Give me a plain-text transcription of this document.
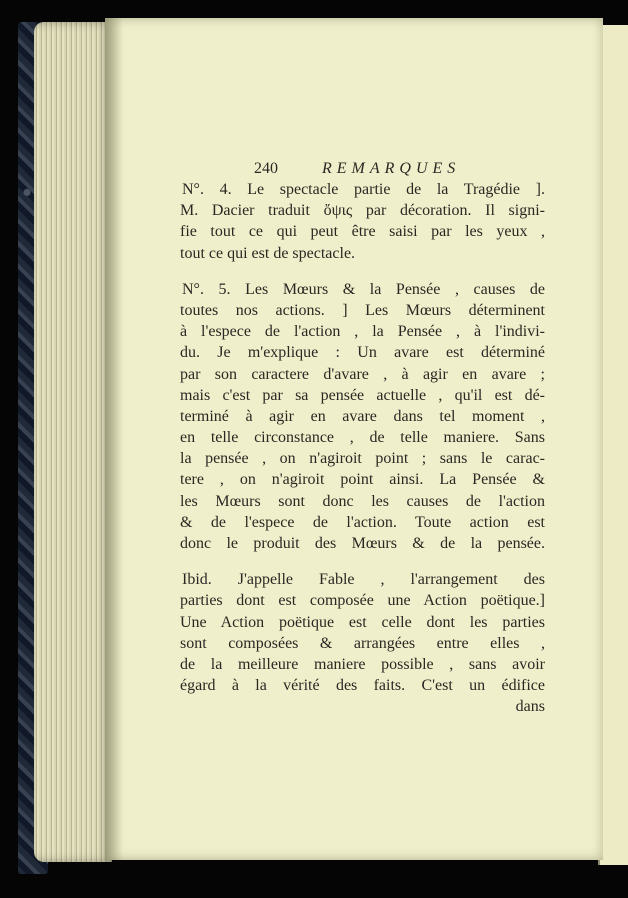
240	REMARQUES

N°. 4. Le spectacle partie de la Tragédie ].

M. Dacier traduit ὄψις par décoration. Il signi-

fie tout ce qui peut être saisi par les yeux ,

tout ce qui est de spectacle.

N°. 5. Les Mœurs & la Pensée , causes de

toutes nos actions. ] Les Mœurs déterminent

à l'espece de l'action , la Pensée , à l'indivi-

du. Je m'explique : Un avare est déterminé

par son caractere d'avare , à agir en avare ;

mais c'est par sa pensée actuelle , qu'il est dé-

terminé à agir en avare dans tel moment ,

en telle circonstance , de telle maniere. Sans

la pensée , on n'agiroit point ; sans le carac-

tere , on n'agiroit point ainsi. La Pensée &

les Mœurs sont donc les causes de l'action

& de l'espece de l'action. Toute action est

donc le produit des Mœurs & de la pensée.

Ibid. J'appelle Fable , l'arrangement des

parties dont est composée une Action poëtique.]

Une Action poëtique est celle dont les parties

sont composées & arrangées entre elles ,

de la meilleure maniere possible , sans avoir

égard à la vérité des faits. C'est un édifice

dans
